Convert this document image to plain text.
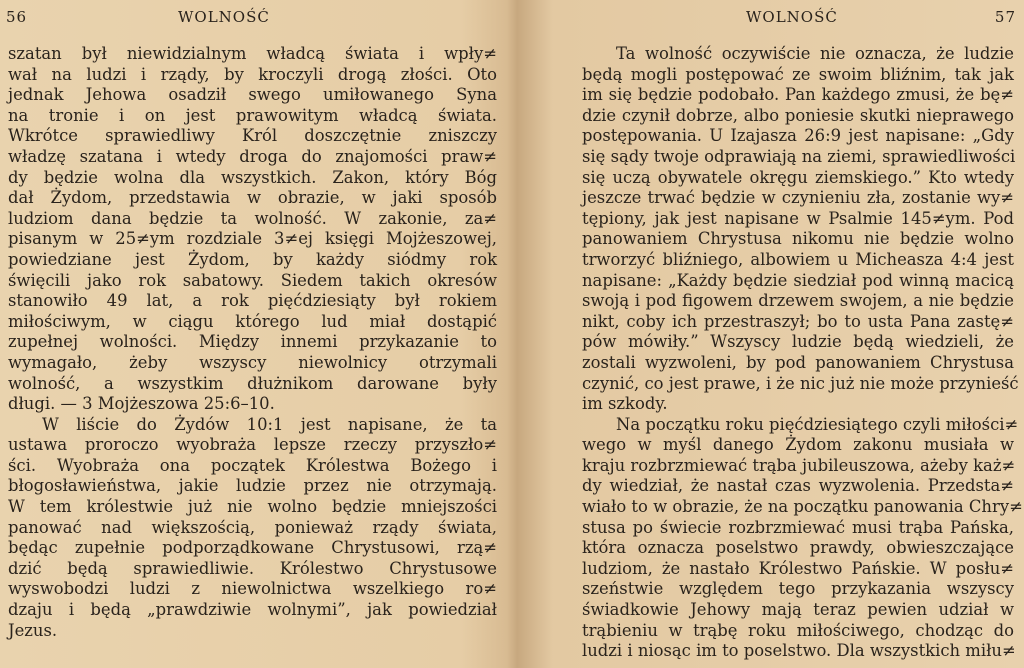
56	WOLNOŚĆ
szatan był niewidzialnym władcą świata i wpły≠
wał na ludzi i rządy, by kroczyli drogą złości. Oto
jednak Jehowa osadził swego umiłowanego Syna
na tronie i on jest prawowitym władcą świata.
Wkrótce sprawiedliwy Król doszczętnie zniszczy
władzę szatana i wtedy droga do znajomości praw≠
dy będzie wolna dla wszystkich. Zakon, który Bóg
dał Żydom, przedstawia w obrazie, w jaki sposób
ludziom dana będzie ta wolność. W zakonie, za≠
pisanym w 25≠ym rozdziale 3≠ej księgi Mojżeszowej,
powiedziane jest Żydom, by każdy siódmy rok
święcili jako rok sabatowy. Siedem takich okresów
stanowiło 49 lat, a rok pięćdziesiąty był rokiem
miłościwym, w ciągu którego lud miał dostąpić
zupełnej wolności. Między innemi przykazanie to
wymagało, żeby wszyscy niewolnicy otrzymali
wolność, a wszystkim dłużnikom darowane były
długi. — 3 Mojżeszowa 25:6–10.
W liście do Żydów 10:1 jest napisane, że ta
ustawa proroczo wyobraża lepsze rzeczy przyszło≠
ści. Wyobraża ona początek Królestwa Bożego i
błogosławieństwa, jakie ludzie przez nie otrzymają.
W tem królestwie już nie wolno będzie mniejszości
panować nad większością, ponieważ rządy świata,
będąc zupełnie podporządkowane Chrystusowi, rzą≠
dzić będą sprawiedliwie. Królestwo Chrystusowe
wyswobodzi ludzi z niewolnictwa wszelkiego ro≠
dzaju i będą „prawdziwie wolnymi”, jak powiedział
Jezus.
WOLNOŚĆ	57
Ta wolność oczywiście nie oznacza, że ludzie
będą mogli postępować ze swoim bliźnim, tak jak
im się będzie podobało. Pan każdego zmusi, że bę≠
dzie czynił dobrze, albo poniesie skutki nieprawego
postępowania. U Izajasza 26:9 jest napisane: „Gdy
się sądy twoje odprawiają na ziemi, sprawiedliwości
się uczą obywatele okręgu ziemskiego.” Kto wtedy
jeszcze trwać będzie w czynieniu zła, zostanie wy≠
tępiony, jak jest napisane w Psalmie 145≠ym. Pod
panowaniem Chrystusa nikomu nie będzie wolno
trworzyć bliźniego, albowiem u Micheasza 4:4 jest
napisane: „Każdy będzie siedział pod winną macicą
swoją i pod figowem drzewem swojem, a nie będzie
nikt, coby ich przestraszył; bo to usta Pana zastę≠
pów mówiły.” Wszyscy ludzie będą wiedzieli, że
zostali wyzwoleni, by pod panowaniem Chrystusa
czynić, co jest prawe, i że nic już nie może przynieść
im szkody.
Na początku roku pięćdziesiątego czyli miłości≠
wego w myśl danego Żydom zakonu musiała w
kraju rozbrzmiewać trąba jubileuszowa, ażeby każ≠
dy wiedział, że nastał czas wyzwolenia. Przedsta≠
wiało to w obrazie, że na początku panowania Chry≠
stusa po świecie rozbrzmiewać musi trąba Pańska,
która oznacza poselstwo prawdy, obwieszczające
ludziom, że nastało Królestwo Pańskie. W posłu≠
szeństwie względem tego przykazania wszyscy
świadkowie Jehowy mają teraz pewien udział w
trąbieniu w trąbę roku miłościwego, chodząc do
ludzi i niosąc im to poselstwo. Dla wszystkich miłu≠
